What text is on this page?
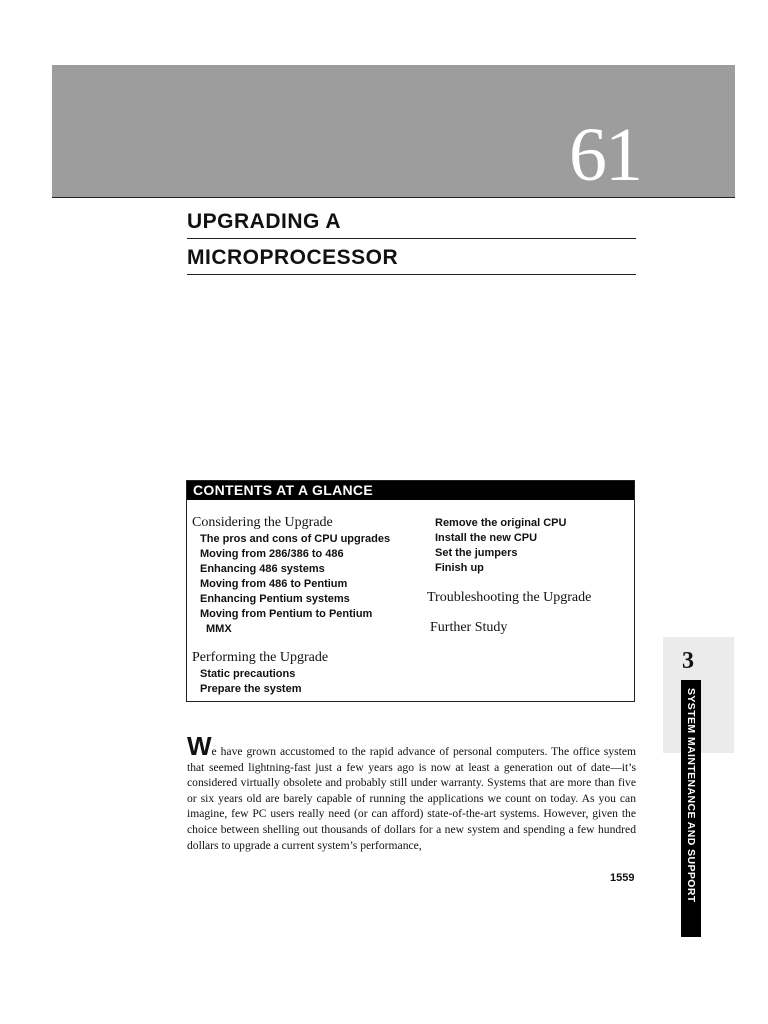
61
UPGRADING A
MICROPROCESSOR
CONTENTS AT A GLANCE
Considering the Upgrade
The pros and cons of CPU upgrades
Moving from 286/386 to 486
Enhancing 486 systems
Moving from 486 to Pentium
Enhancing Pentium systems
Moving from Pentium to Pentium
MMX
Performing the Upgrade
Static precautions
Prepare the system
Remove the original CPU
Install the new CPU
Set the jumpers
Finish up
Troubleshooting the Upgrade
Further Study
3
SYSTEM MAINTENANCE AND SUPPORT
We have grown accustomed to the rapid advance of personal computers. The office system that seemed lightning-fast just a few years ago is now at least a generation out of date—it’s considered virtually obsolete and probably still under warranty. Systems that are more than five or six years old are barely capable of running the applications we count on today. As you can imagine, few PC users really need (or can afford) state-of-the-art systems. However, given the choice between shelling out thousands of dollars for a new system and spending a few hundred dollars to upgrade a current system’s performance,
1559
